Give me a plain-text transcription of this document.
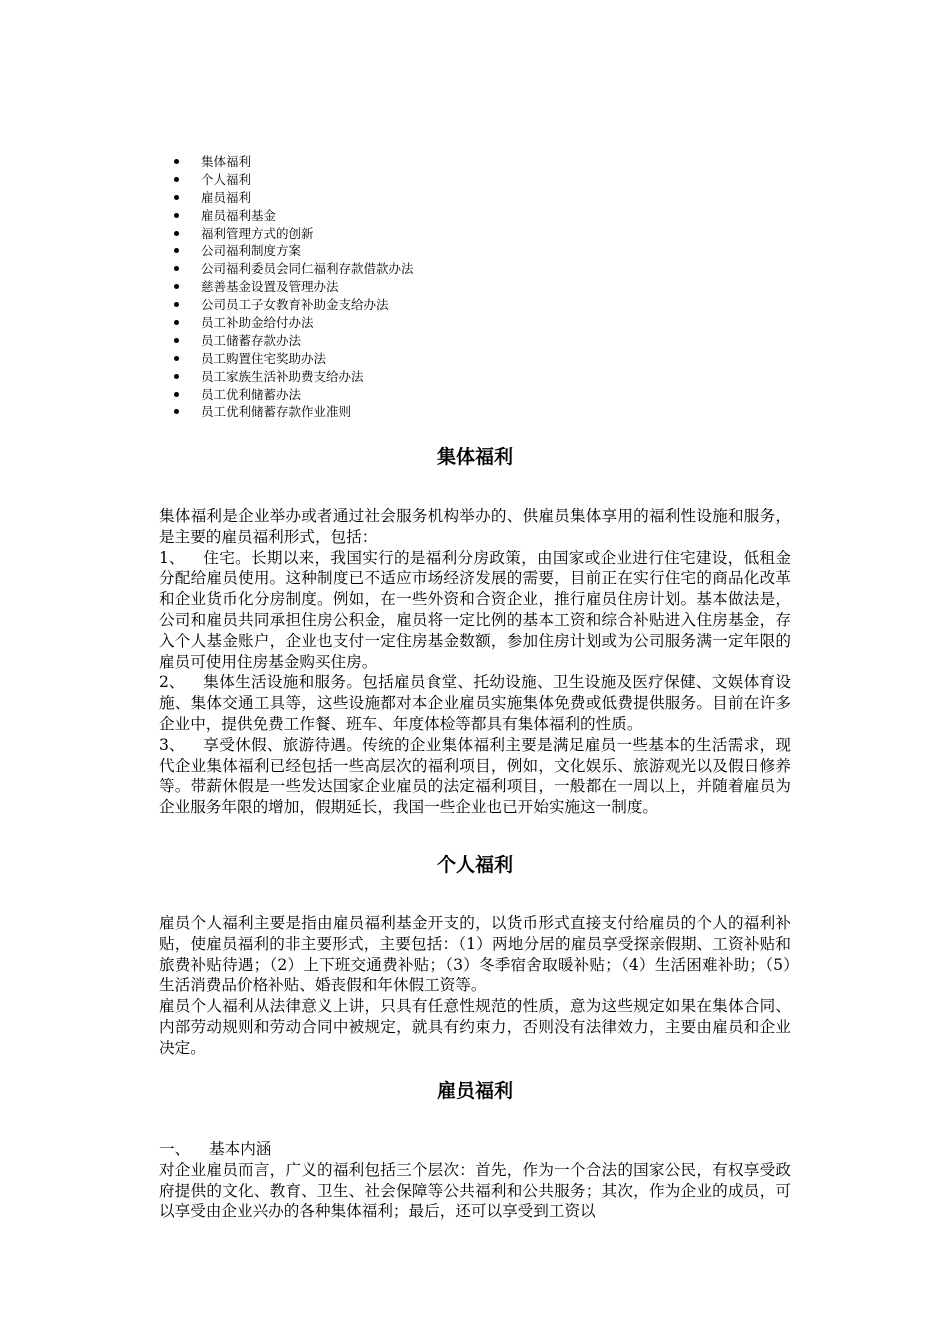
集体福利
个人福利
雇员福利
雇员福利基金
福利管理方式的创新
公司福利制度方案
公司福利委员会同仁福利存款借款办法
慈善基金设置及管理办法
公司员工子女教育补助金支给办法
员工补助金给付办法
员工储蓄存款办法
员工购置住宅奖助办法
员工家族生活补助费支给办法
员工优利储蓄办法
员工优利储蓄存款作业准则
集体福利

集体福利是企业举办或者通过社会服务机构举办的、供雇员集体享用的福利性设施和服务，是主要的雇员福利形式，包括：

1、 住宅。长期以来，我国实行的是福利分房政策，由国家或企业进行住宅建设，低租金分配给雇员使用。这种制度已不适应市场经济发展的需要，目前正在实行住宅的商品化改革和企业货币化分房制度。例如，在一些外资和合资企业，推行雇员住房计划。基本做法是，公司和雇员共同承担住房公积金，雇员将一定比例的基本工资和综合补贴进入住房基金，存入个人基金账户，企业也支付一定住房基金数额，参加住房计划或为公司服务满一定年限的雇员可使用住房基金购买住房。

2、 集体生活设施和服务。包括雇员食堂、托幼设施、卫生设施及医疗保健、文娱体育设施、集体交通工具等，这些设施都对本企业雇员实施集体免费或低费提供服务。目前在许多企业中，提供免费工作餐、班车、年度体检等都具有集体福利的性质。

3、 享受休假、旅游待遇。传统的企业集体福利主要是满足雇员一些基本的生活需求，现代企业集体福利已经包括一些高层次的福利项目，例如，文化娱乐、旅游观光以及假日修养等。带薪休假是一些发达国家企业雇员的法定福利项目，一般都在一周以上，并随着雇员为企业服务年限的增加，假期延长，我国一些企业也已开始实施这一制度。

个人福利

雇员个人福利主要是指由雇员福利基金开支的，以货币形式直接支付给雇员的个人的福利补贴，使雇员福利的非主要形式，主要包括：（1）两地分居的雇员享受探亲假期、工资补贴和旅费补贴待遇；（2）上下班交通费补贴；（3）冬季宿舍取暖补贴；（4）生活困难补助；（5）生活消费品价格补贴、婚丧假和年休假工资等。

雇员个人福利从法律意义上讲，只具有任意性规范的性质，意为这些规定如果在集体合同、内部劳动规则和劳动合同中被规定，就具有约束力，否则没有法律效力，主要由雇员和企业决定。

雇员福利

一、 基本内涵

对企业雇员而言，广义的福利包括三个层次：首先，作为一个合法的国家公民，有权享受政府提供的文化、教育、卫生、社会保障等公共福利和公共服务；其次，作为企业的成员，可以享受由企业兴办的各种集体福利；最后，还可以享受到工资以
